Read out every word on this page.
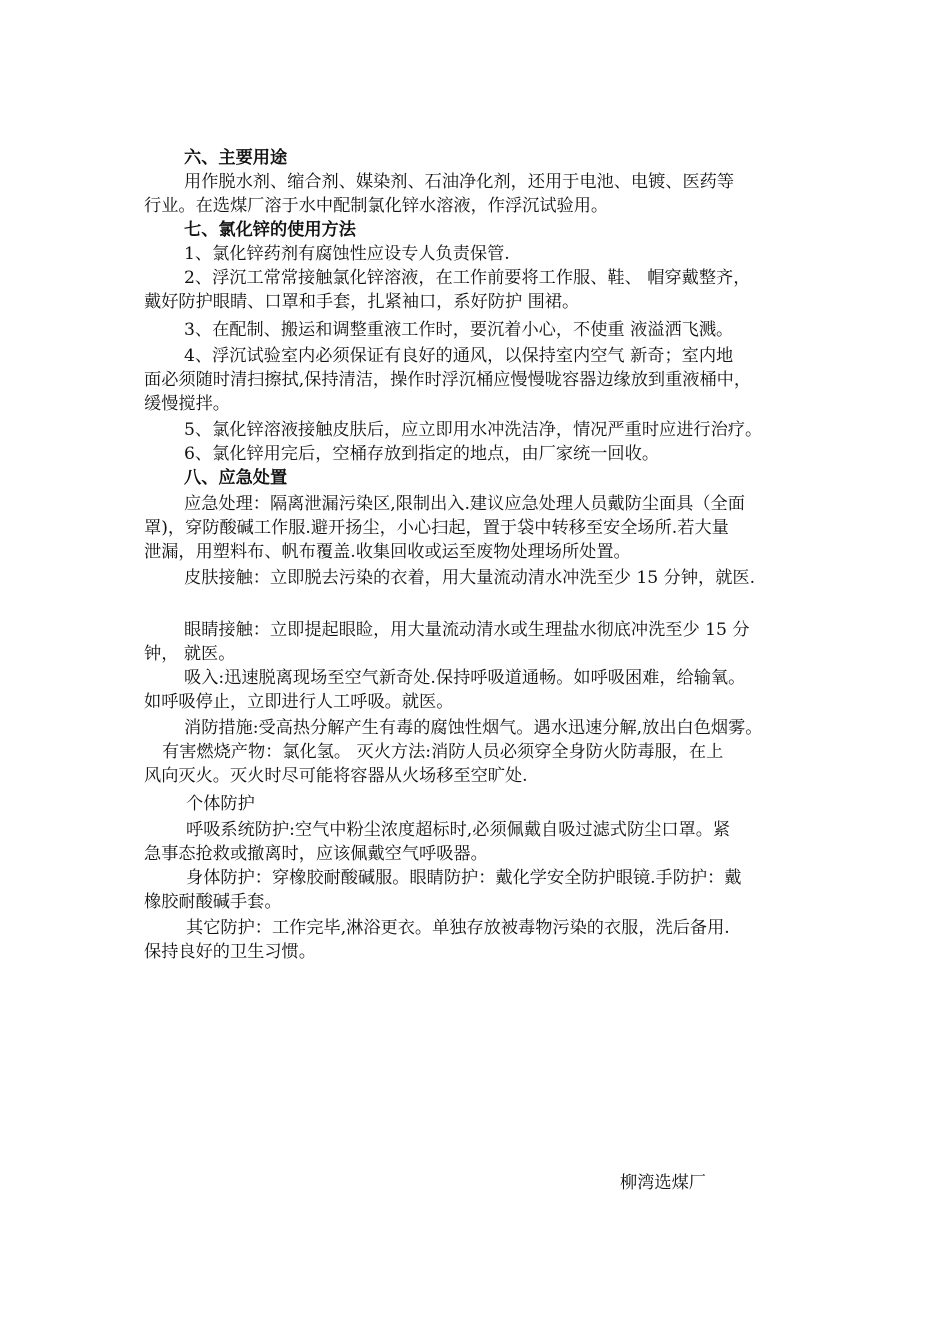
六、主要用途
用作脱水剂、缩合剂、媒染剂、石油净化剂，还用于电池、电镀、医药等
行业。在选煤厂溶于水中配制氯化锌水溶液，作浮沉试验用。
七、氯化锌的使用方法
1、氯化锌药剂有腐蚀性应设专人负责保管.
2、浮沉工常常接触氯化锌溶液，在工作前要将工作服、鞋、 帽穿戴整齐，
戴好防护眼睛、口罩和手套，扎紧袖口，系好防护 围裙。
3、在配制、搬运和调整重液工作时，要沉着小心，不使重 液溢洒飞溅。
4、浮沉试验室内必须保证有良好的通风，以保持室内空气 新奇；室内地
面必须随时清扫擦拭,保持清洁，操作时浮沉桶应慢慢咙容器边缘放到重液桶中，
缓慢搅拌。
5、氯化锌溶液接触皮肤后，应立即用水冲洗洁净，情况严重时应进行治疗。
6、氯化锌用完后，空桶存放到指定的地点，由厂家统一回收。
八、应急处置
应急处理：隔离泄漏污染区,限制出入.建议应急处理人员戴防尘面具（全面
罩)，穿防酸碱工作服.避开扬尘，小心扫起，置于袋中转移至安全场所.若大量
泄漏，用塑料布、帆布覆盖.收集回收或运至废物处理场所处置。
皮肤接触：立即脱去污染的衣着，用大量流动清水冲洗至少 15 分钟，就医.
眼睛接触：立即提起眼睑，用大量流动清水或生理盐水彻底冲洗至少 15 分
钟， 就医。
吸入:迅速脱离现场至空气新奇处.保持呼吸道通畅。如呼吸困难，给输氧。
如呼吸停止，立即进行人工呼吸。就医。
消防措施:受高热分解产生有毒的腐蚀性烟气。遇水迅速分解,放出白色烟雾。
有害燃烧产物：氯化氢。 灭火方法:消防人员必须穿全身防火防毒服，在上
风向灭火。灭火时尽可能将容器从火场移至空旷处.
个体防护
呼吸系统防护:空气中粉尘浓度超标时,必须佩戴自吸过滤式防尘口罩。紧
急事态抢救或撤离时，应该佩戴空气呼吸器。
身体防护：穿橡胶耐酸碱服。眼睛防护：戴化学安全防护眼镜.手防护：戴
橡胶耐酸碱手套。
其它防护：工作完毕,淋浴更衣。单独存放被毒物污染的衣服，洗后备用.
保持良好的卫生习惯。
柳湾选煤厂
